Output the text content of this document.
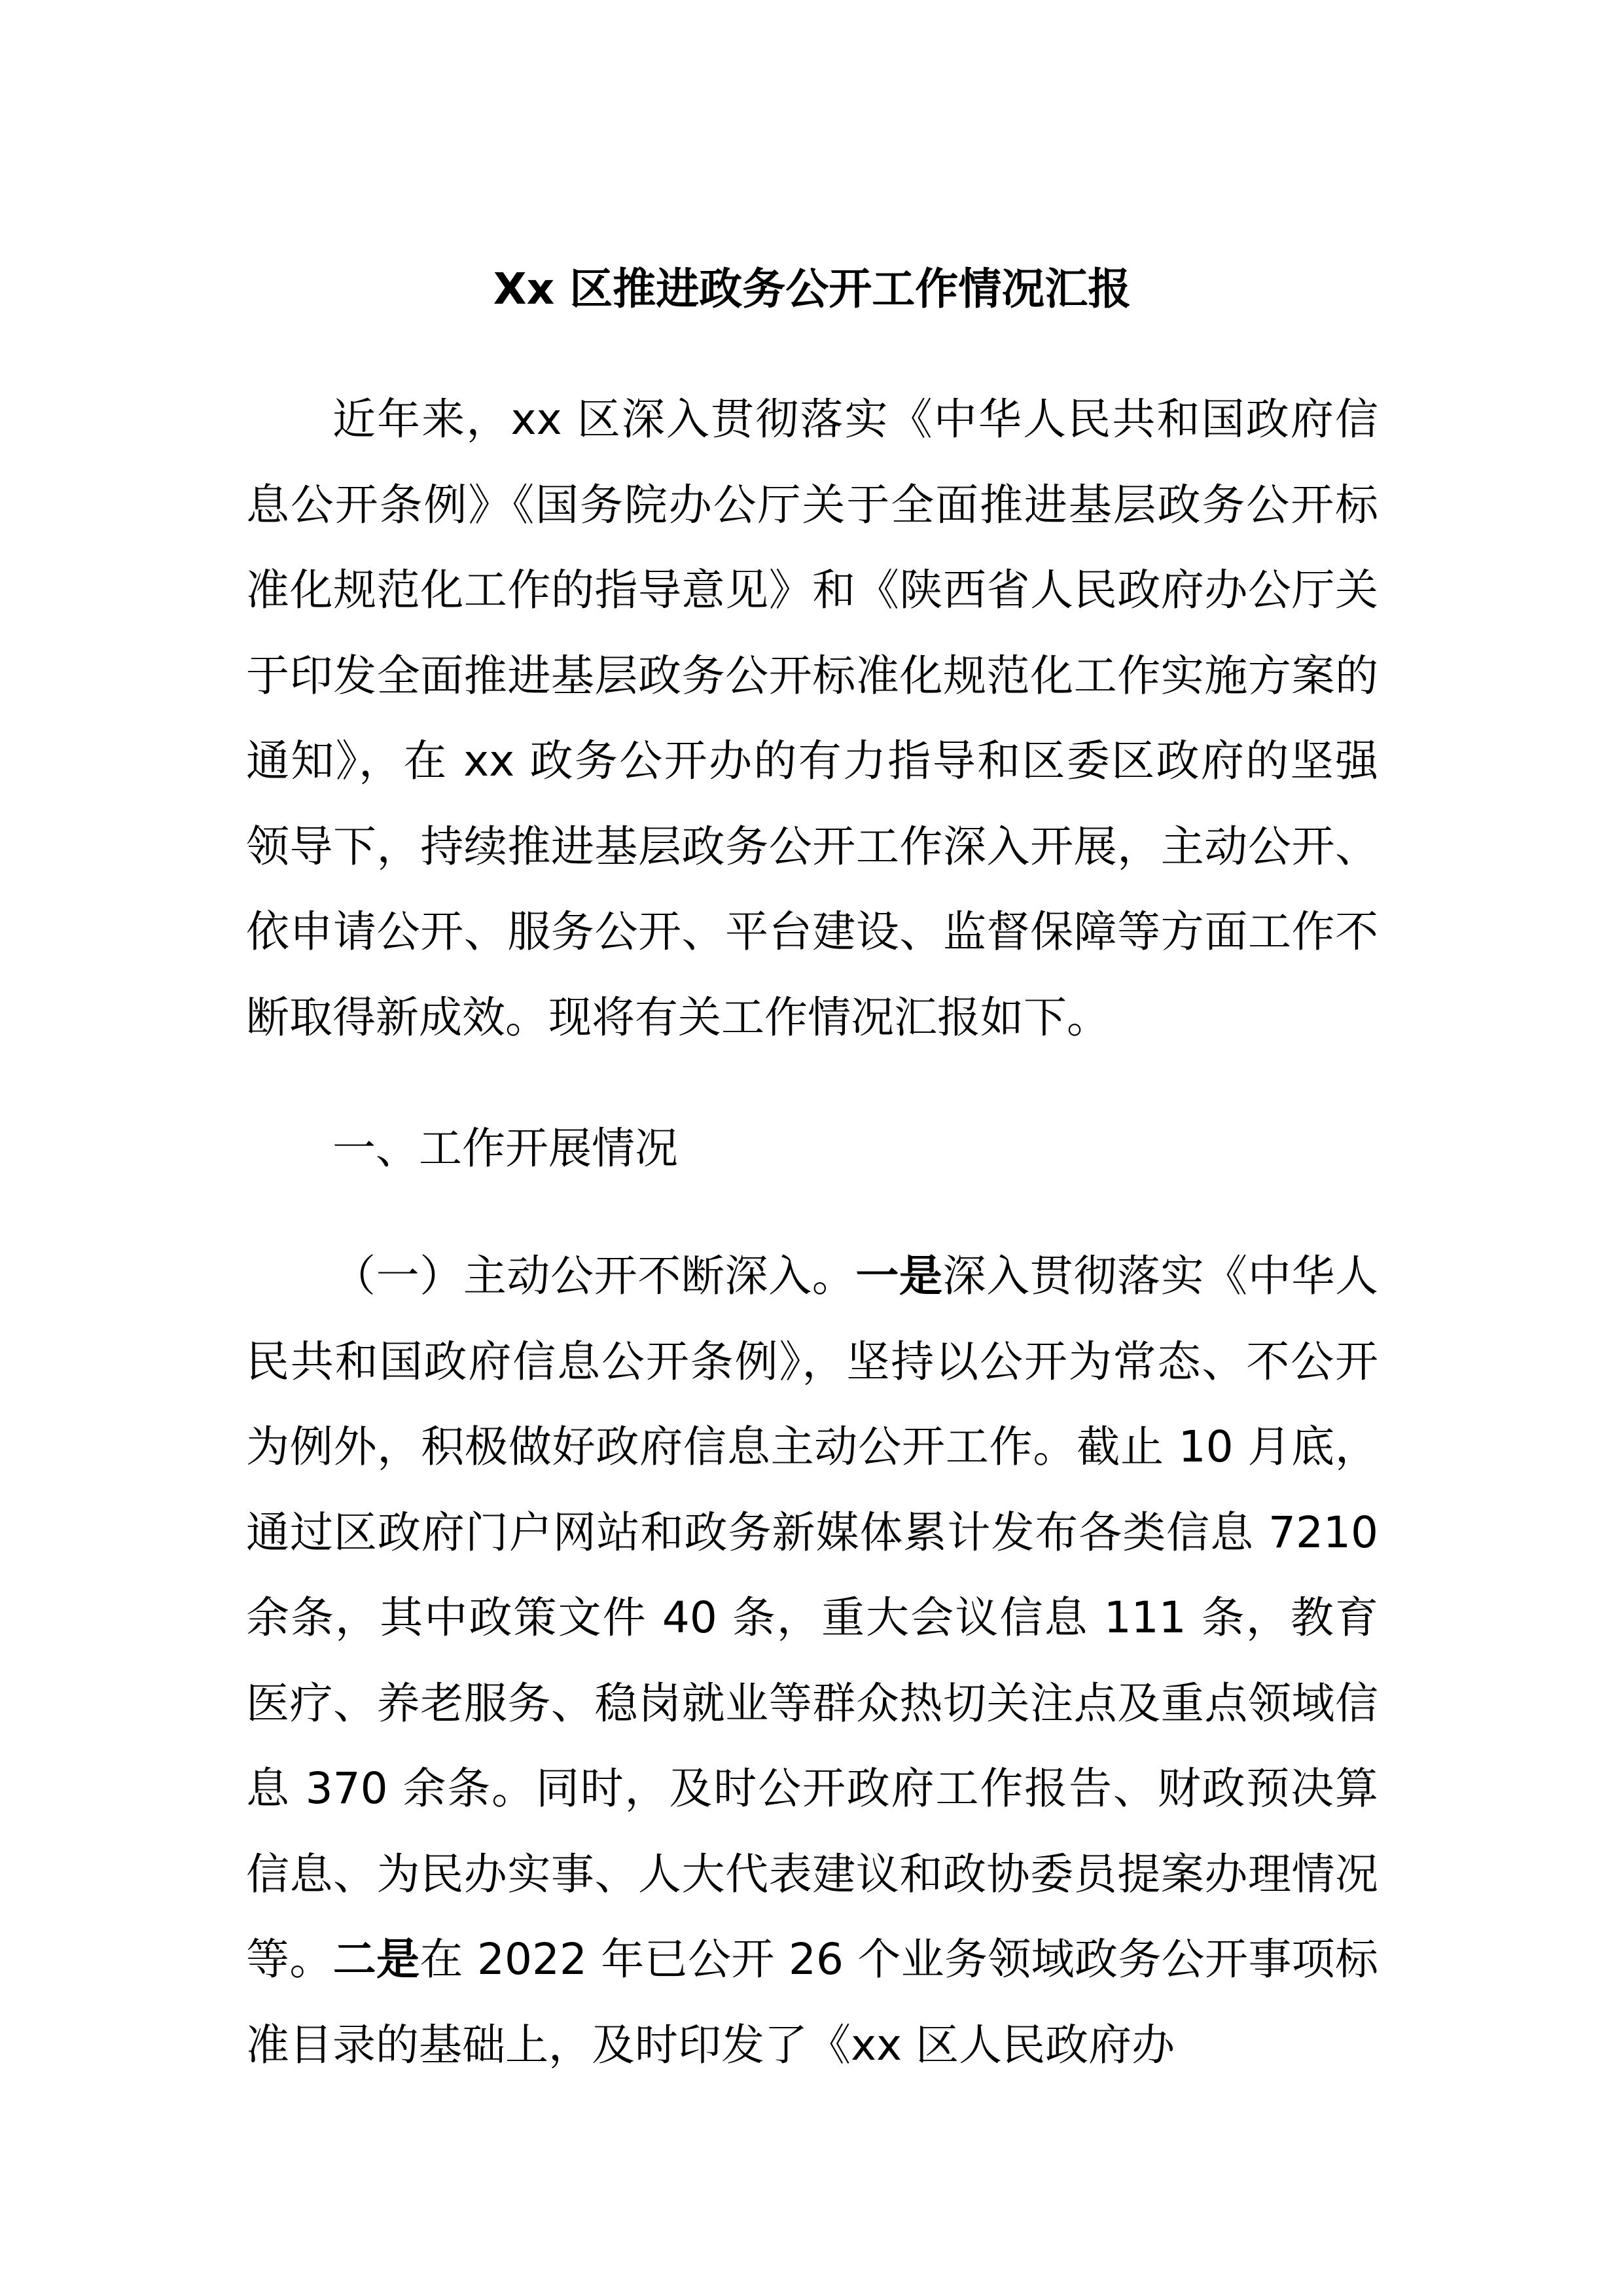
Xx 区推进政务公开工作情况汇报

近年来，xx 区深入贯彻落实《中华人民共和国政府信息公开条例》《国务院办公厅关于全面推进基层政务公开标准化规范化工作的指导意见》和《陕西省人民政府办公厅关于印发全面推进基层政务公开标准化规范化工作实施方案的通知》，在 xx 政务公开办的有力指导和区委区政府的坚强领导下，持续推进基层政务公开工作深入开展，主动公开、依申请公开、服务公开、平台建设、监督保障等方面工作不断取得新成效。现将有关工作情况汇报如下。

一、工作开展情况

（一）主动公开不断深入。一是深入贯彻落实《中华人民共和国政府信息公开条例》，坚持以公开为常态、不公开为例外，积极做好政府信息主动公开工作。截止 10 月底，通过区政府门户网站和政务新媒体累计发布各类信息 7210 余条，其中政策文件 40 条，重大会议信息 111 条，教育医疗、养老服务、稳岗就业等群众热切关注点及重点领域信息 370 余条。同时，及时公开政府工作报告、财政预决算信息、为民办实事、人大代表建议和政协委员提案办理情况等。二是在 2022 年已公开 26 个业务领域政务公开事项标准目录的基础上，及时印发了《xx 区人民政府办
